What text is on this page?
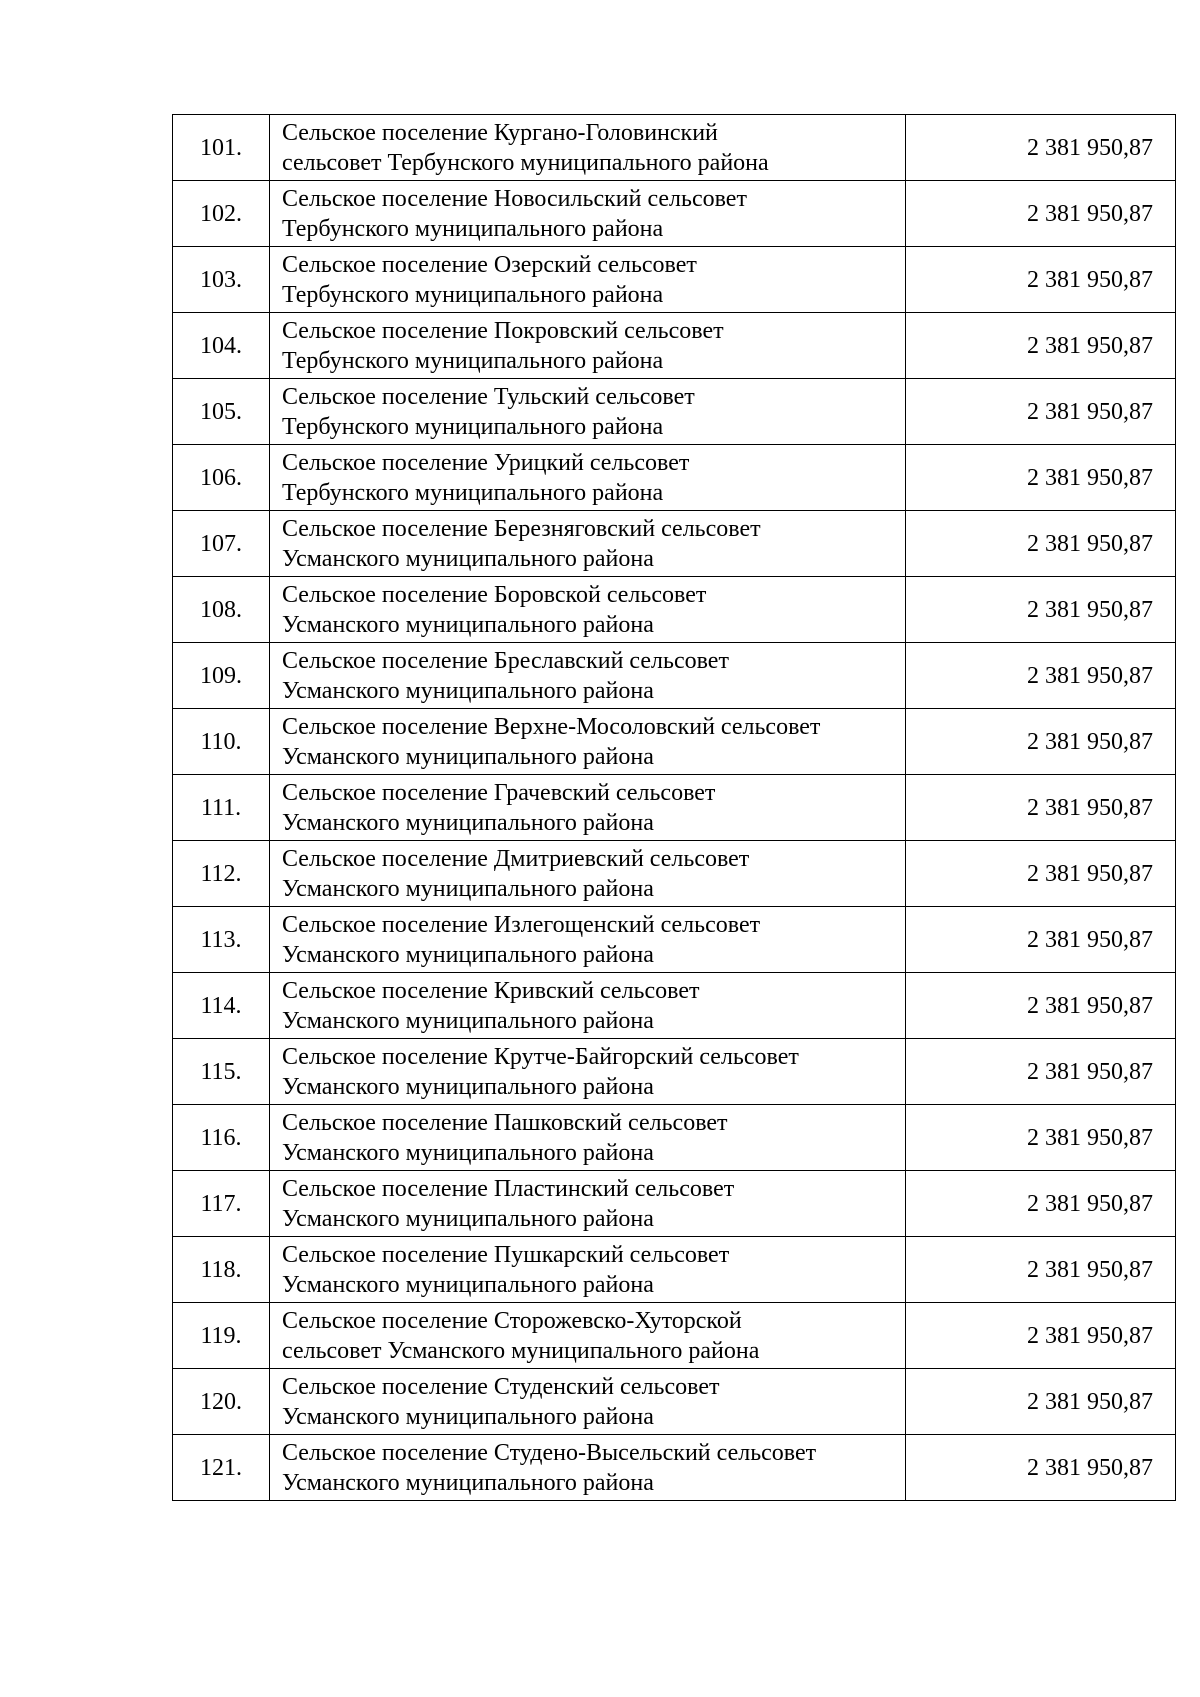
101.	Сельское поселение Кургано-Головинский
сельсовет Тербунского муниципального района	2 381 950,87
102.	Сельское поселение Новосильский сельсовет
Тербунского муниципального района	2 381 950,87
103.	Сельское поселение Озерский сельсовет
Тербунского муниципального района	2 381 950,87
104.	Сельское поселение Покровский сельсовет
Тербунского муниципального района	2 381 950,87
105.	Сельское поселение Тульский сельсовет
Тербунского муниципального района	2 381 950,87
106.	Сельское поселение Урицкий сельсовет
Тербунского муниципального района	2 381 950,87
107.	Сельское поселение Березняговский сельсовет
Усманского муниципального района	2 381 950,87
108.	Сельское поселение Боровской сельсовет
Усманского муниципального района	2 381 950,87
109.	Сельское поселение Бреславский сельсовет
Усманского муниципального района	2 381 950,87
110.	Сельское поселение Верхне-Мосоловский сельсовет
Усманского муниципального района	2 381 950,87
111.	Сельское поселение Грачевский сельсовет
Усманского муниципального района	2 381 950,87
112.	Сельское поселение Дмитриевский сельсовет
Усманского муниципального района	2 381 950,87
113.	Сельское поселение Излегощенский сельсовет
Усманского муниципального района	2 381 950,87
114.	Сельское поселение Кривский сельсовет
Усманского муниципального района	2 381 950,87
115.	Сельское поселение Крутче-Байгорский сельсовет
Усманского муниципального района	2 381 950,87
116.	Сельское поселение Пашковский сельсовет
Усманского муниципального района	2 381 950,87
117.	Сельское поселение Пластинский сельсовет
Усманского муниципального района	2 381 950,87
118.	Сельское поселение Пушкарский сельсовет
Усманского муниципального района	2 381 950,87
119.	Сельское поселение Сторожевско-Хуторской
сельсовет Усманского муниципального района	2 381 950,87
120.	Сельское поселение Студенский сельсовет
Усманского муниципального района	2 381 950,87
121.	Сельское поселение Студено-Высельский сельсовет
Усманского муниципального района	2 381 950,87
